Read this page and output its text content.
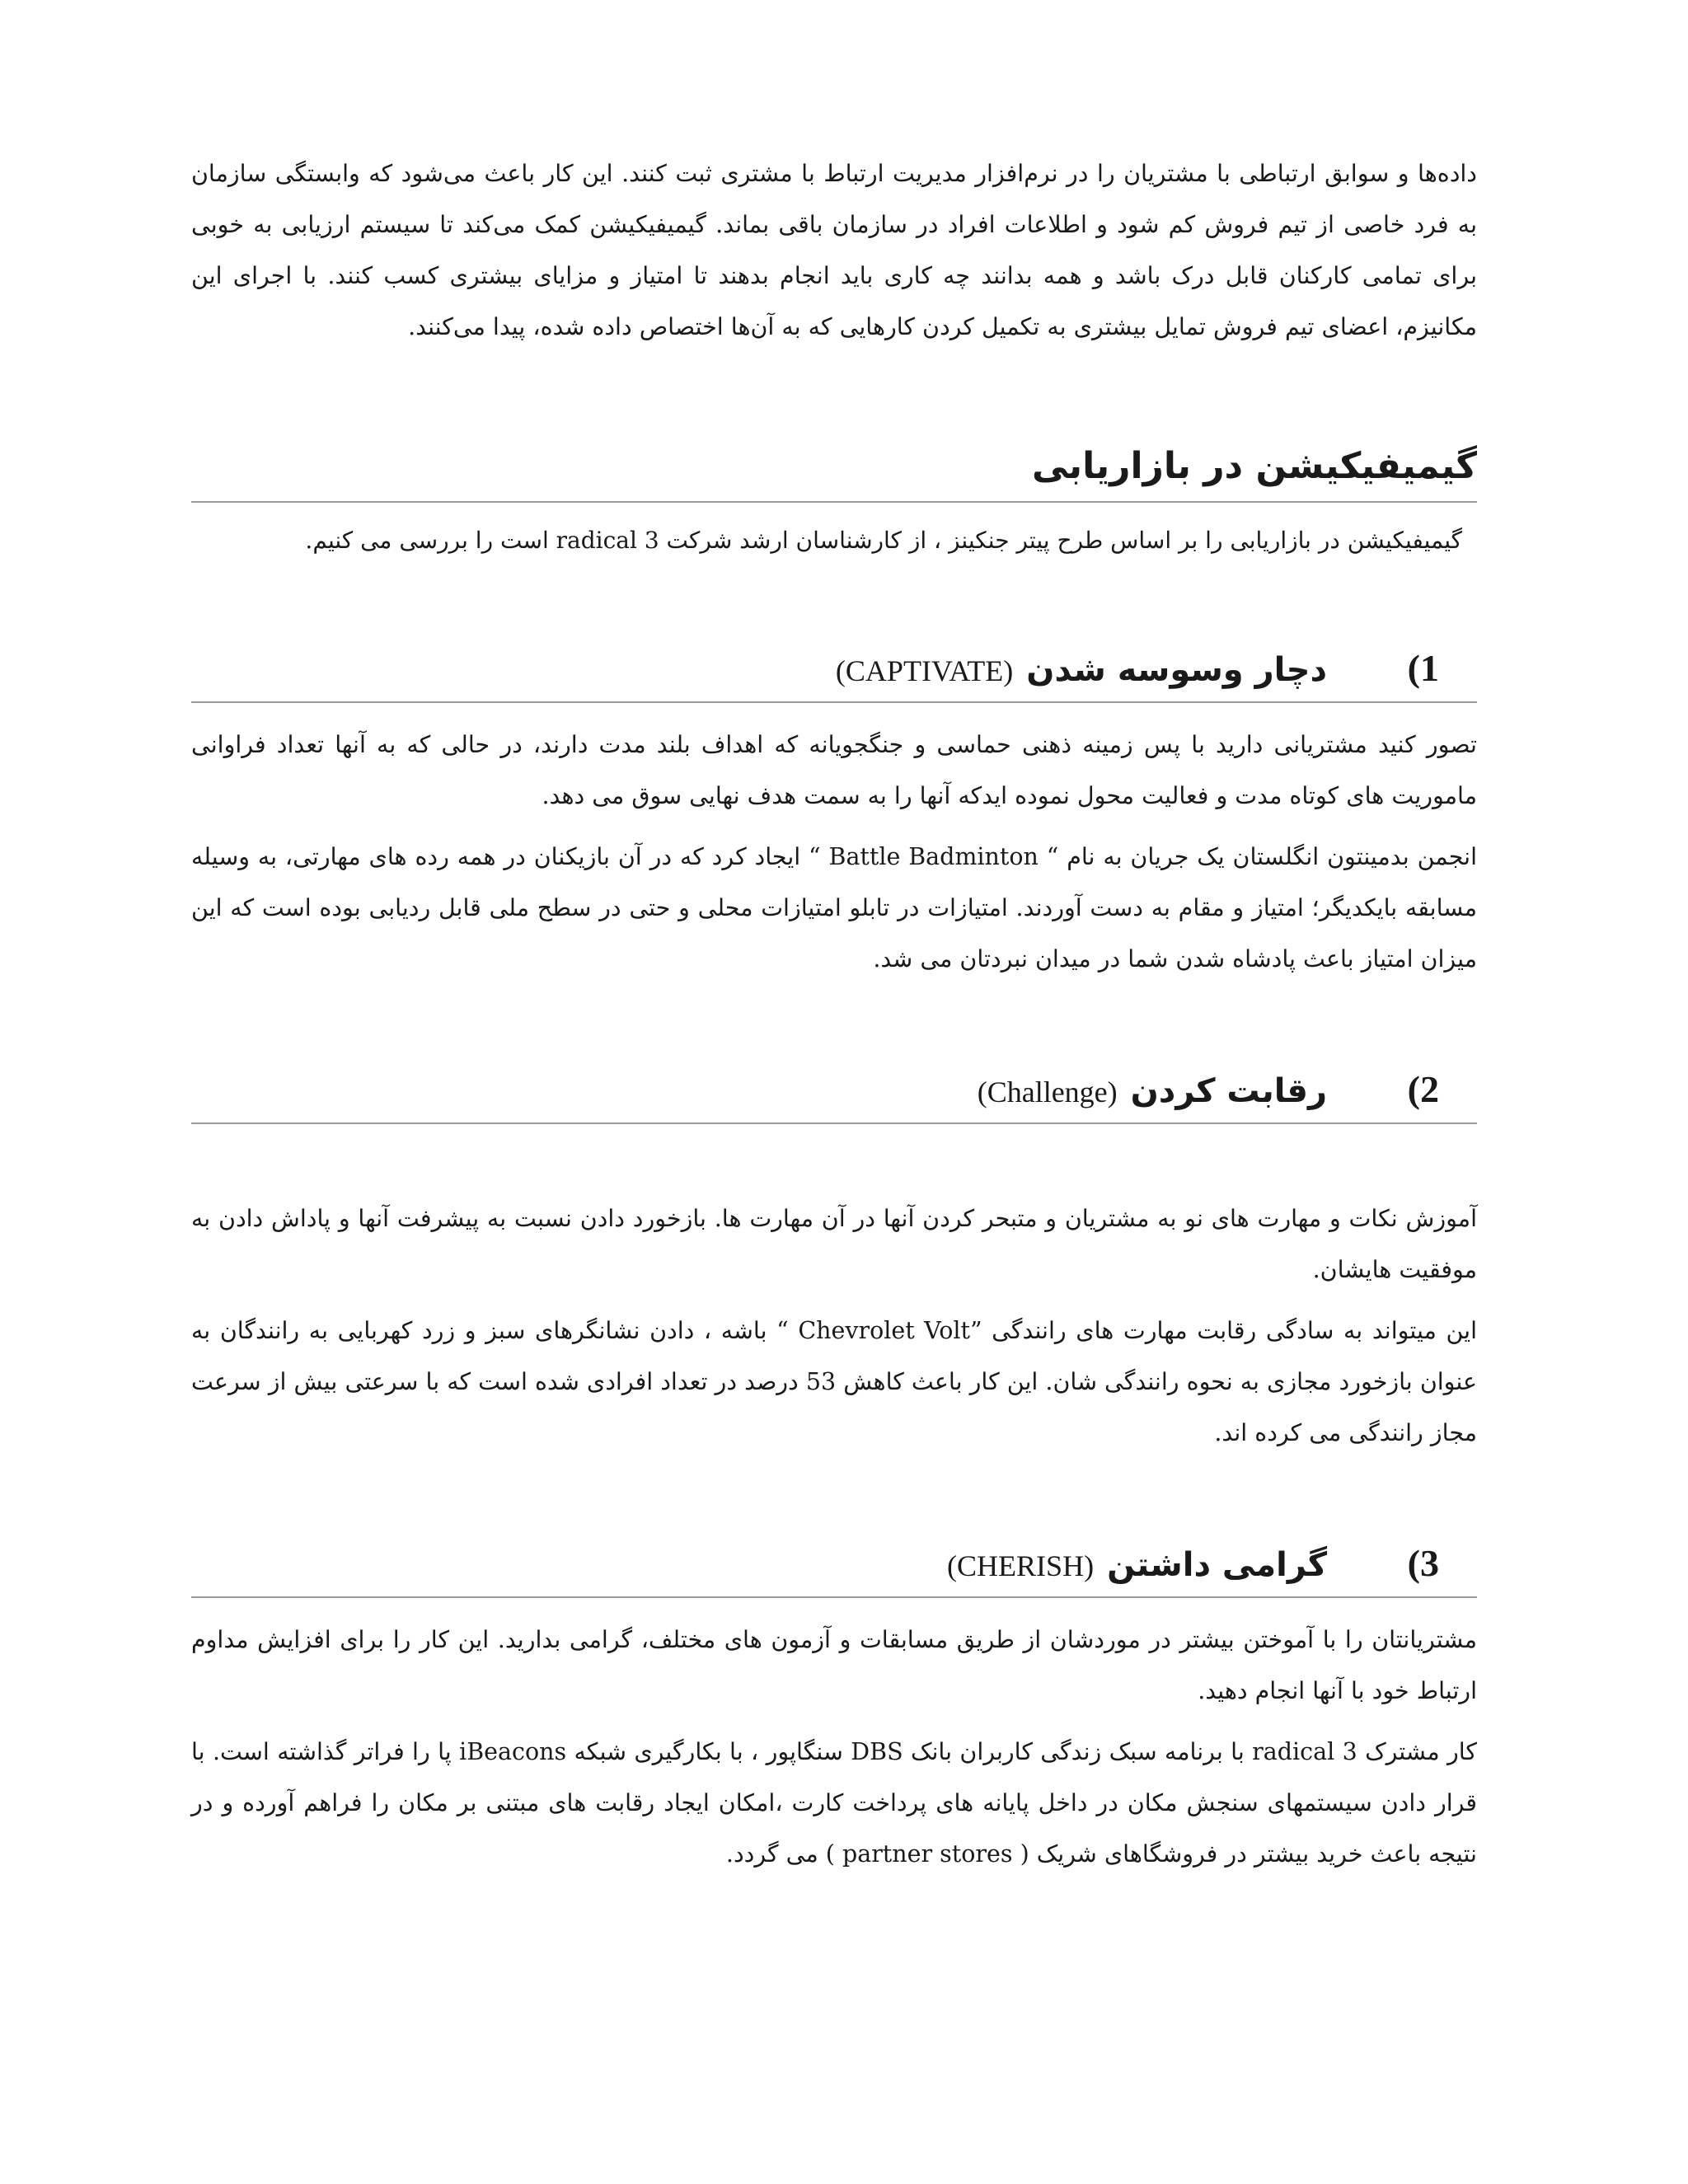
داده‌ها و سوابق ارتباطی با مشتریان را در نرم‌افزار مدیریت ارتباط با مشتری ثبت کنند. این کار باعث می‌شود که وابستگی سازمان به فرد خاصی از تیم فروش کم شود و اطلاعات افراد در سازمان باقی بماند. گیمیفیکیشن کمک می‌کند تا سیستم ارزیابی به خوبی برای تمامی کارکنان قابل درک باشد و همه بدانند چه کاری باید انجام بدهند تا امتیاز و مزایای بیشتری کسب کنند. با اجرای این مکانیزم، اعضای تیم فروش تمایل بیشتری به تکمیل کردن کارهایی که به آن‌ها اختصاص داده شده، پیدا می‌کنند.

گیمیفیکیشن در بازاریابی

گیمیفیکیشن در بازاریابی را بر اساس طرح پیتر جنکینز ، از کارشناسان ارشد شرکت radical 3 است را بررسی می کنیم.

1)
دچار وسوسه شدن
(CAPTIVATE)

تصور کنید مشتریانی دارید با پس زمینه ذهنی حماسی و جنگجویانه که اهداف بلند مدت دارند، در حالی که به آنها تعداد فراوانی ماموریت های کوتاه مدت و فعالیت محول نموده ایدکه آنها را به سمت هدف نهایی سوق می دهد.

انجمن بدمینتون انگلستان یک جریان به نام “ Battle Badminton “ ایجاد کرد که در آن بازیکنان در همه رده های مهارتی، به وسیله مسابقه بایکدیگر؛ امتیاز و مقام به دست آوردند. امتیازات در تابلو امتیازات محلی و حتی در سطح ملی قابل ردیابی بوده است که این میزان امتیاز باعث پادشاه شدن شما در میدان نبردتان می شد.

2)
رقابت کردن
(Challenge)

آموزش نکات و مهارت های نو به مشتریان و متبحر کردن آنها در آن مهارت ها. بازخورد دادن نسبت به پیشرفت آنها و پاداش دادن به موفقیت هایشان.

این میتواند به سادگی رقابت مهارت های رانندگی ”Chevrolet Volt “ باشه ، دادن نشانگرهای سبز و زرد کهربایی به رانندگان به عنوان بازخورد مجازی به نحوه رانندگی شان. این کار باعث کاهش 53 درصد در تعداد افرادی شده است که با سرعتی بیش از سرعت مجاز رانندگی می کرده اند.

3)
گرامی داشتن
(CHERISH)

مشتریانتان را با آموختن بیشتر در موردشان از طریق مسابقات و آزمون های مختلف، گرامی بدارید. این کار را برای افزایش مداوم ارتباط خود با آنها انجام دهید.

کار مشترک radical 3 با برنامه سبک زندگی کاربران بانک DBS سنگاپور ، با بکارگیری شبکه iBeacons پا را فراتر گذاشته است. با قرار دادن سیستمهای سنجش مکان در داخل پایانه های پرداخت کارت ،امکان ایجاد رقابت های مبتنی بر مکان را فراهم آورده و در نتیجه باعث خرید بیشتر در فروشگاهای شریک ( partner stores ) می گردد.
